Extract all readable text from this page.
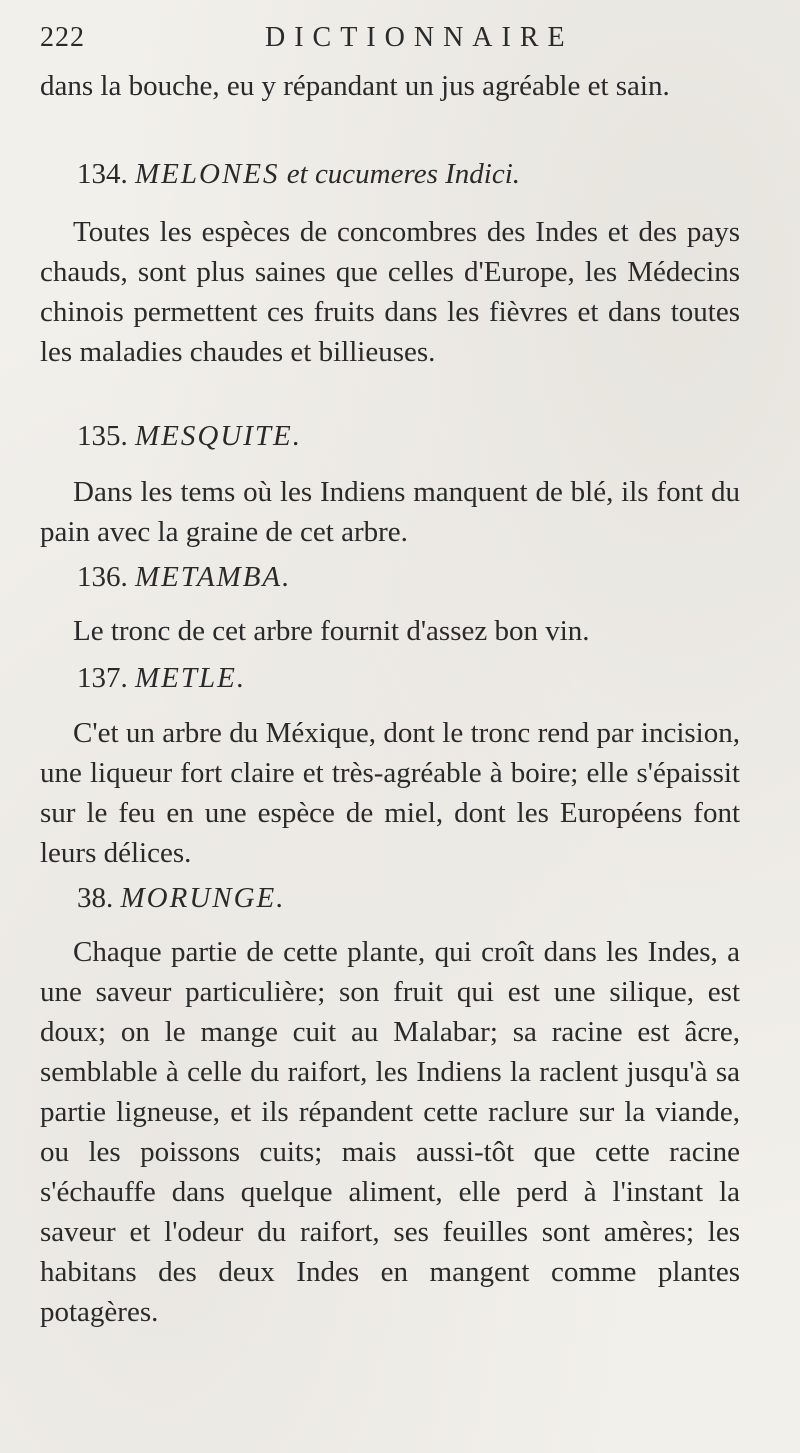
222	DICTIONNAIRE

dans la bouche, eu y répandant un jus agréable et sain.

134. MELONES et cucumeres Indici.

Toutes les espèces de concombres des Indes et des pays chauds, sont plus saines que celles d'Europe, les Médecins chinois permettent ces fruits dans les fièvres et dans toutes les maladies chaudes et billieuses.

135. MESQUITE.

Dans les tems où les Indiens manquent de blé, ils font du pain avec la graine de cet arbre.

136. METAMBA.

Le tronc de cet arbre fournit d'assez bon vin.

137. METLE.

C'et un arbre du Méxique, dont le tronc rend par incision, une liqueur fort claire et très-agréable à boire; elle s'épaissit sur le feu en une espèce de miel, dont les Européens font leurs délices.

38. MORUNGE.

Chaque partie de cette plante, qui croît dans les Indes, a une saveur particulière; son fruit qui est une silique, est doux; on le mange cuit au Malabar; sa racine est âcre, semblable à celle du raifort, les Indiens la raclent jusqu'à sa partie ligneuse, et ils répandent cette raclure sur la viande, ou les poissons cuits; mais aussi-tôt que cette racine s'échauffe dans quelque aliment, elle perd à l'instant la saveur et l'odeur du raifort, ses feuilles sont amères; les habitans des deux Indes en mangent comme plantes potagères.
